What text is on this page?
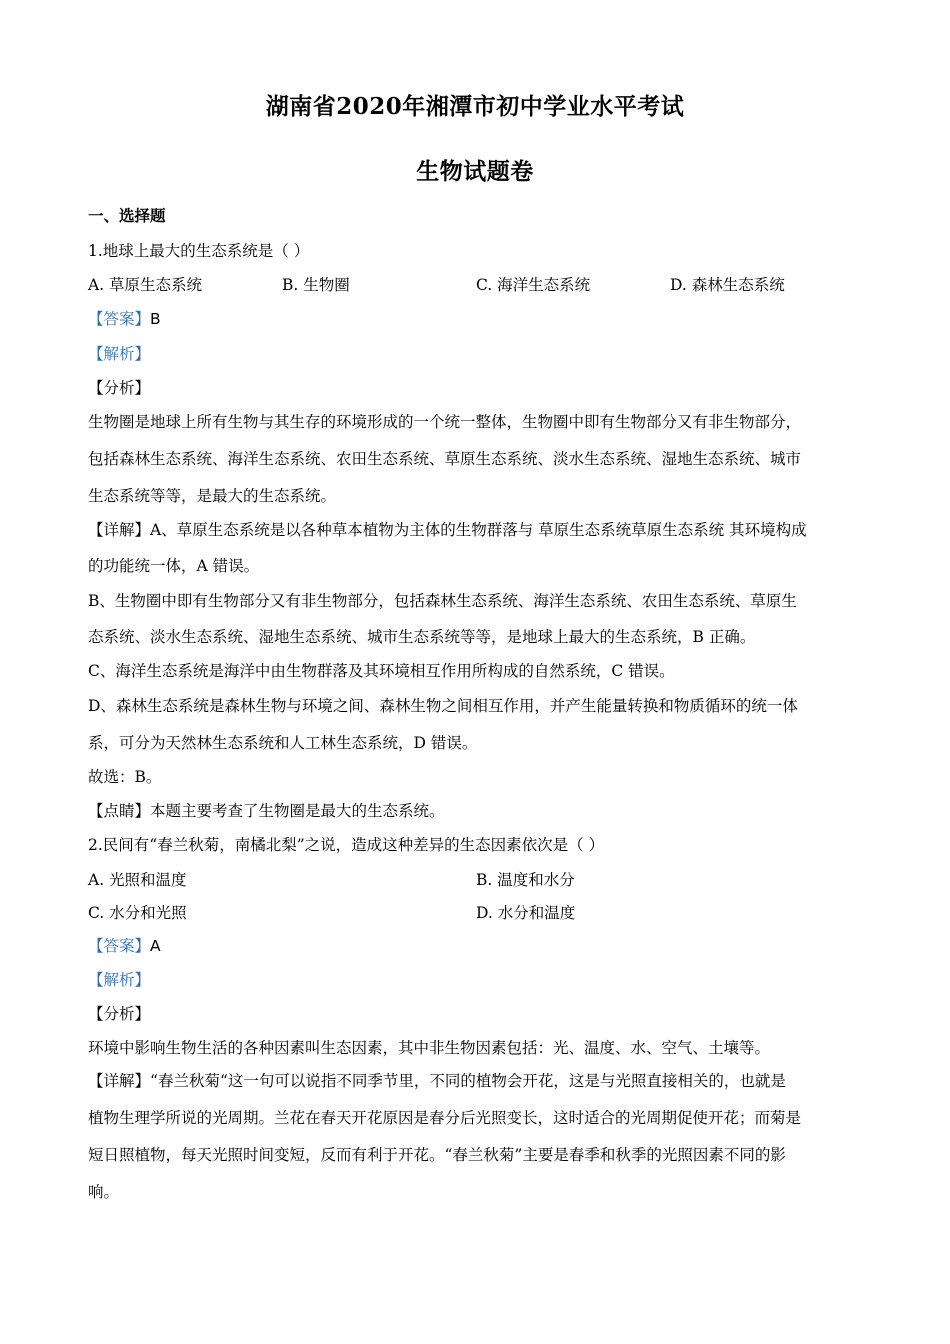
湖南省2020年湘潭市初中学业水平考试
生物试题卷
一、选择题
1.地球上最大的生态系统是（ ）
A. 草原生态系统	B. 生物圈	C. 海洋生态系统	D. 森林生态系统
【答案】B
【解析】
【分析】
生物圈是地球上所有生物与其生存的环境形成的一个统一整体，生物圈中即有生物部分又有非生物部分，
包括森林生态系统、海洋生态系统、农田生态系统、草原生态系统、淡水生态系统、湿地生态系统、城市
生态系统等等，是最大的生态系统。
【详解】A、草原生态系统是以各种草本植物为主体的生物群落与 草原生态系统草原生态系统 其环境构成
的功能统一体，A 错误。
B、生物圈中即有生物部分又有非生物部分，包括森林生态系统、海洋生态系统、农田生态系统、草原生
态系统、淡水生态系统、湿地生态系统、城市生态系统等等，是地球上最大的生态系统，B 正确。
C、海洋生态系统是海洋中由生物群落及其环境相互作用所构成的自然系统，C 错误。
D、森林生态系统是森林生物与环境之间、森林生物之间相互作用，并产生能量转换和物质循环的统一体
系，可分为天然林生态系统和人工林生态系统，D 错误。
故选：B。
【点睛】本题主要考查了生物圈是最大的生态系统。
2.民间有“春兰秋菊，南橘北梨”之说，造成这种差异的生态因素依次是（ ）
A. 光照和温度	B. 温度和水分
C. 水分和光照	D. 水分和温度
【答案】A
【解析】
【分析】
环境中影响生物生活的各种因素叫生态因素，其中非生物因素包括：光、温度、水、空气、土壤等。
【详解】“春兰秋菊“这一句可以说指不同季节里，不同的植物会开花，这是与光照直接相关的，也就是
植物生理学所说的光周期。兰花在春天开花原因是春分后光照变长，这时适合的光周期促使开花；而菊是
短日照植物，每天光照时间变短，反而有利于开花。“春兰秋菊”主要是春季和秋季的光照因素不同的影
响。
